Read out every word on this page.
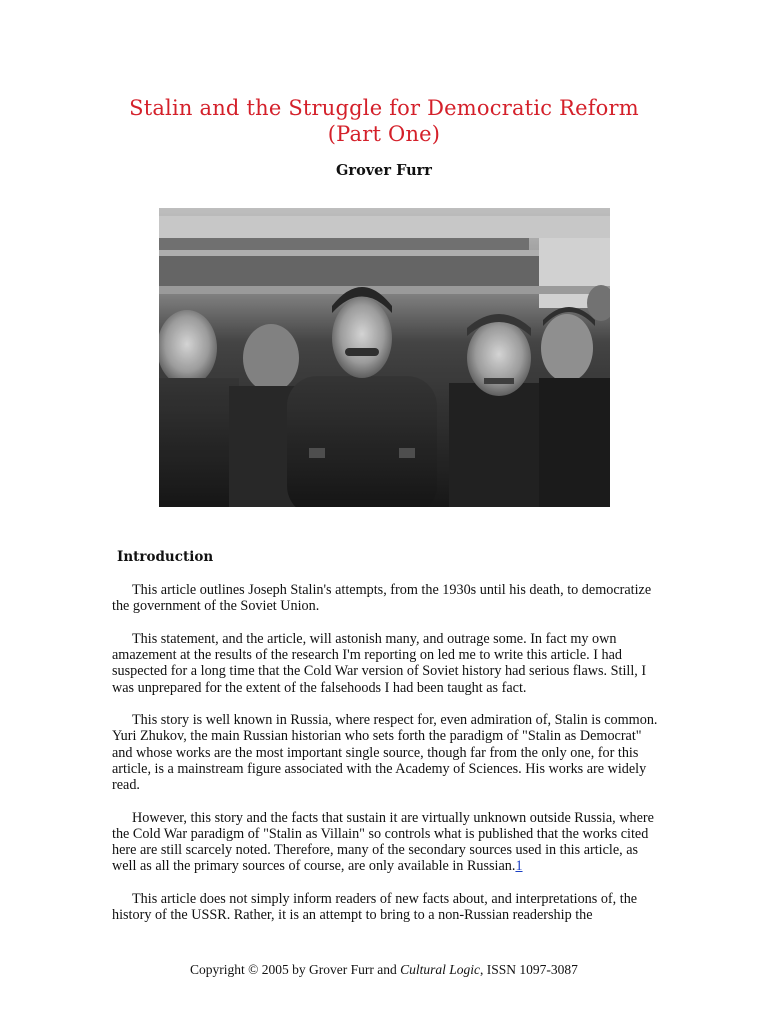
Stalin and the Struggle for Democratic Reform
(Part One)
Grover Furr
Introduction

This article outlines Joseph Stalin's attempts, from the 1930s until his death, to democratize the government of the Soviet Union.

This statement, and the article, will astonish many, and outrage some. In fact my own amazement at the results of the research I'm reporting on led me to write this article. I had suspected for a long time that the Cold War version of Soviet history had serious flaws. Still, I was unprepared for the extent of the falsehoods I had been taught as fact.

This story is well known in Russia, where respect for, even admiration of, Stalin is common. Yuri Zhukov, the main Russian historian who sets forth the paradigm of "Stalin as Democrat" and whose works are the most important single source, though far from the only one, for this article, is a mainstream figure associated with the Academy of Sciences. His works are widely read.

However, this story and the facts that sustain it are virtually unknown outside Russia, where the Cold War paradigm of "Stalin as Villain" so controls what is published that the works cited here are still scarcely noted. Therefore, many of the secondary sources used in this article, as well as all the primary sources of course, are only available in Russian.1

This article does not simply inform readers of new facts about, and interpretations of, the history of the USSR. Rather, it is an attempt to bring to a non-Russian readership the

Copyright © 2005 by Grover Furr and Cultural Logic, ISSN 1097-3087
